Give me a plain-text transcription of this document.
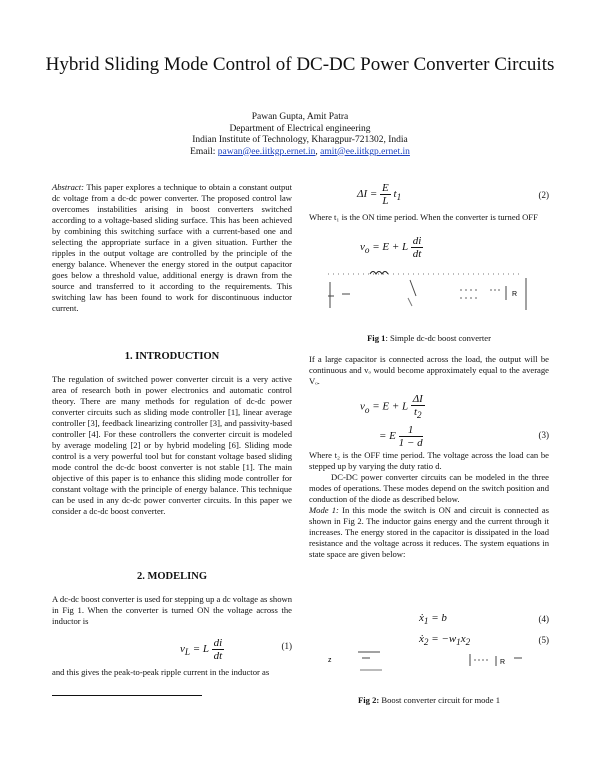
Hybrid Sliding Mode Control of DC-DC Power Converter Circuits
Pawan Gupta, Amit Patra
Department of Electrical engineering
Indian Institute of Technology, Kharagpur-721302, India
Email: pawan@ee.iitkgp.ernet.in, amit@ee.iitkgp.ernet.in

Abstract: This paper explores a technique to obtain a constant output dc voltage from a dc-dc power converter. The proposed control law overcomes instabilities arising in boost converters switched according to a voltage-based sliding surface. This has been achieved by combining this switching surface with a current-based one and selecting the appropriate surface in a given situation. Further the ripples in the output voltage are controlled by the principle of the energy balance. Whenever the energy stored in the output capacitor goes below a threshold value, additional energy is drawn from the source and transferred to it according to the requirements. This switching law has been found to work for discontinuous inductor current.

1. INTRODUCTION

The regulation of switched power converter circuit is a very active area of research both in power electronics and automatic control theory. There are many methods for regulation of dc-dc power converter circuits such as sliding mode controller [1], linear average controller [3], feedback linearizing controller [3], and passivity-based controller [4]. For these controllers the converter circuit is modeled by average modeling [2] or by hybrid modeling [6]. Sliding mode control is a very powerful tool but for constant voltage based sliding mode control the dc-dc boost converter is not stable [1]. The main objective of this paper is to enhance this sliding mode controller for constant voltage with the principle of energy balance. This technique can be used in any dc-dc power converter circuits. In this paper we consider a dc-dc boost converter.

2. MODELING

A dc-dc boost converter is used for stepping up a dc voltage as shown in Fig 1. When the converter is turned ON the voltage across the inductor is

$v_L = L \frac{di}{dt}$	(1)

and this gives the peak-to-peak ripple current in the inductor as

$\Delta I = \frac{E}{L} t_1$	(2)

Where t₁ is the ON time period. When the converter is turned OFF

$v_o = E + L \frac{di}{dt}$
R
Fig 1: Simple dc-dc boost converter

If a large capacitor is connected across the load, the output will be continuous and vₒ would become approximately equal to the average Vₒ.

$v_o = E + L \frac{\Delta I}{t_2}$
= E $\frac{1}{1 - d}$	(3)

Where t₂ is the OFF time period. The voltage across the load can be stepped up by varying the duty ratio d.

DC-DC power converter circuits can be modeled in the three modes of operations. These modes depend on the switch position and conduction of the diode as described below.

Mode 1: In this mode the switch is ON and circuit is connected as shown in Fig 2. The inductor gains energy and the current through it increases. The energy stored in the capacitor is dissipated in the load resistance and the voltage across it reduces. The system equations in state space are given below:

ẋ$_1$ = b	(4)
ẋ$_2$ = $-w_1x_2$	(5)
z	R
Fig 2: Boost converter circuit for mode 1
